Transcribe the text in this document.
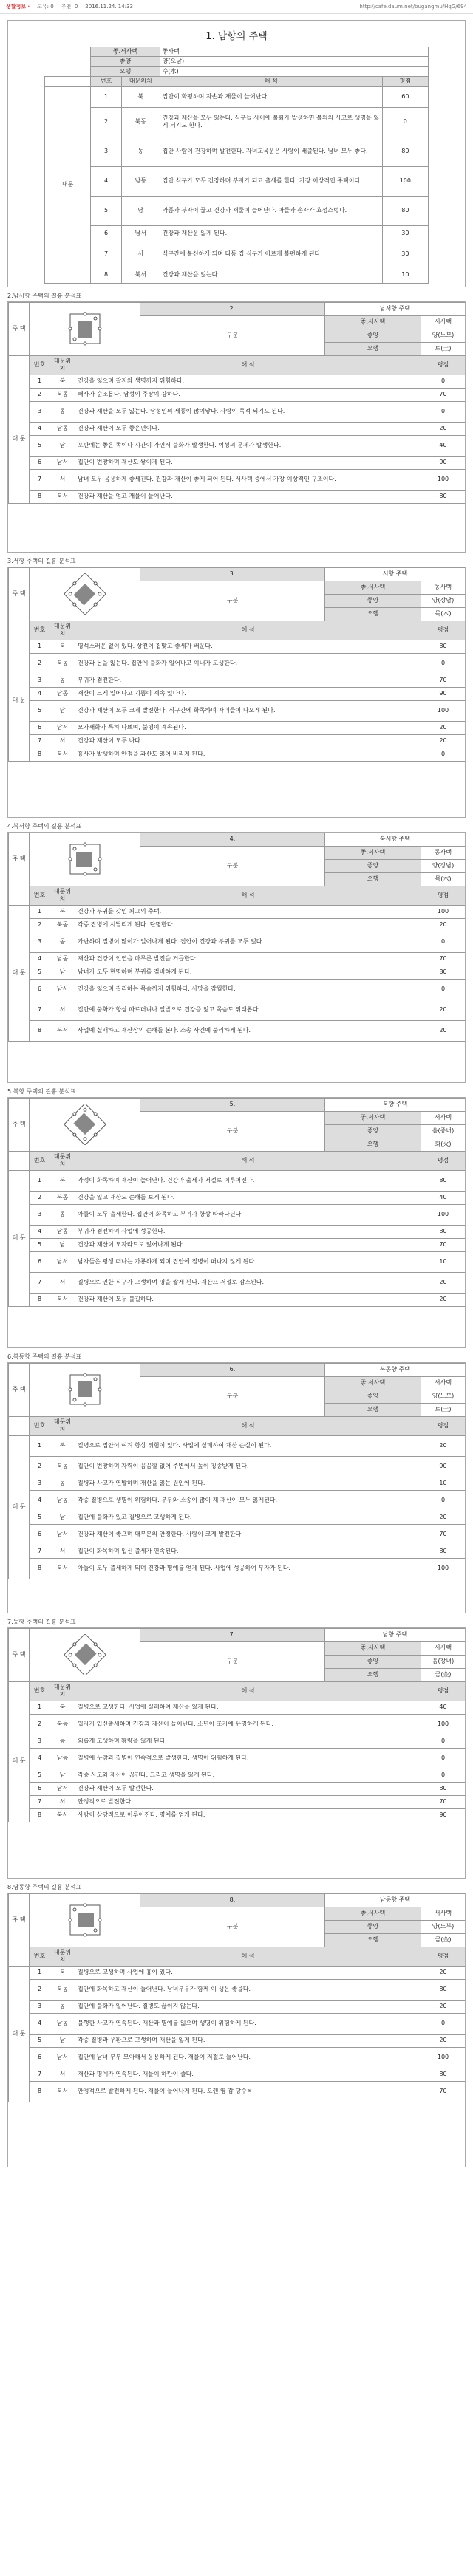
생활정보 · 고유: 0 추천: 0 2016.11.24. 14:33	http://cafe.daum.net/bugangmu/HqG/694
1. 남향의 주택
	좋.서사택		좋사택	
	좋양		양(오남)	
	오행		수(水)	
	번호	대문위치	해 석	평점
대문	1	북	집안이 화평하며 자손과 재물이 늘어난다.	60
	2	북동	건강과 재산을 모두 잃는다. 식구들 사이에 불화가 발생하면 불의의 사고로 생명을 잃게 되기도 한다.	0
	3	동	집안 사람이 건강하며 발전한다. 자녀교육운은 사람이 배출된다. 남녀 모두 좋다.	80
	4	남동	집안 식구가 모두 건강하며 부자가 되고 출세를 한다. 가장 이상적인 주택이다.	100
	5	남	약품과 부자이 끊고 건강과 재물이 늘어난다. 아들과 손자가 효성스럽다.	80
	6	남서	건강과 재산운 잃게 된다.	30
	7	서	식구간에 불신하게 되며 다툼 집 식구가 아르게 불편하게 된다.	30
	8	북서	건강과 재산을 잃는다.	10
2.남서향 주택의 길흉 분석표
주 택				2.	남서향 주택	
				구분	좋.서사택	서사택
					좋양	양(노모)
					오행	토(土)
	번호	대문위치	해 석			평점
대 문	1	북	건강을 잃으며 갈지와 생명까지 위험하다.			0
	2	북동	해사가 순조롭다. 남성이 주장이 강하다.			70
	3	동	건강과 재산을 모두 잃는다. 남성인의 세풍이 많이낳다. 사람이 목적 되기도 된다.			0
	4	남동	건강과 재산이 모두 좋은편이다.			20
	5	남	포탄에는 좋은 쪽이나 시간이 가면서 불화가 발생한다. 여성의 문제가 발생한다.			40
	6	남서	집안이 번창하며 재산도 쌓이게 된다.			90
	7	서	남녀 모두 음용하게 좋세진다. 건강과 재산이 좋게 되어 된다. 서사택 중에서 가장 이상적인 구조이다.			100
	8	북서	건강과 재산을 얻고 재물이 늘어난다.			80
3.서향 주택의 길흉 분석표
주 택				3.	서향 주택	
				구분	좋.서사택	동사택
					좋양	양(장남)
					오행	목(木)
	번호	대문위치	해 석			평점
대 문	1	북	명석스러운 없이 있다. 상전이 집맞고 좋세가 배운다.			80
	2	북동	건강과 돈을 잃는다. 집안에 불화가 일어나고 이내가 고생한다.			0
	3	동	부귀가 겸전한다.			70
	4	남동	재산이 크게 일어나고 기쁨이 계속 있다다.			90
	5	남	건강과 재산이 모두 크게 발전한다. 식구간에 화목하며 자녀들이 나오게 된다.			100
	6	남서	모자새화가 특히 나쁘며, 불행이 계속된다.			20
	7	서	건강과 재산이 모두 나다.			20
	8	북서	흉사가 발생하며 안정을 과산도 잃어 비리게 된다.			0
4.북서향 주택의 길흉 분석표
주 택				4.	북서향 주택	
				구분	좋.서사택	동사택
					좋양	양(장남)
					오행	목(木)
	번호	대문위치	해 석			평점
대 문	1	북	건강과 부귀를 갖인 최고의 주택.			100
	2	북동	각종 잡병에 시달리게 된다. 단명한다.			20
	3	동	가난하며 질병이 많이가 일어나게 된다. 집안이 건강과 부귀를 모두 잃다.			0
	4	남동	재산과 건강이 인연을 마무른 발전을 거듭한다.			70
	5	남	남녀가 모두 현명하며 부귀를 겸비하게 된다.			80
	6	남서	건강을 잃으며 길리하는 목숨까지 위험하다. 사망을 감월한다.			0
	7	서	집안에 불화가 항상 따르더니나 일발으로 건강을 잃고 목숨도 위태롭다.			20
	8	북서	사업에 실패하고 재산상의 손해를 본다. 소송 사건에 불리하게 된다.			20
5.북향 주택의 길흉 분석표
주 택				5.	북향 주택	
				구분	좋.서사택	서사택
					좋양	음(중녀)
					오행	화(火)
	번호	대문위치	해 석			평점
대 문	1	북	가정이 화목하며 재산이 늘어난다. 건강과 출세가 저절로 이루어진다.			80
	2	북동	건강을 잃고 재산도 손해를 보게 된다.			40
	3	동	아들이 모두 출세한다. 집안이 화목하고 부귀가 항상 따라다닌다.			100
	4	남동	부귀가 겸전하며 사업에 성공한다.			80
	5	남	건강과 재산이 모자라므로 잃어나게 된다.			70
	6	남서	남자들은 평생 떠나는 가룡하게 되며 집안에 질병이 떠나지 않게 된다.			10
	7	서	질병으로 인한 식구가 고생하며 명을 쌓게 된다. 재산으 저절로 감소된다.			20
	8	북서	건강과 재산이 모두 불길하다.			20
6.북동향 주택의 길흉 분석표
주 택				6.	북동향 주택	
				구분	좋.서사택	서사택
					좋양	양(노모)
					오행	토(土)
	번호	대문위치	해 석			평점
대 문	1	북	질병으로 집안이 여겨 항상 위험이 있다. 사업에 실패하여 재산 손실이 된다.			20
	2	북동	집안이 번창하며 자력이 꼼꼼할 없어 주변에서 높이 칭송받게 된다.			90
	3	동	질병과 사고가 연발하며 재산을 잃는 원인에 된다.			10
	4	남동	각종 질병으로 생명이 위험하다. 부부와 소송이 많이 재 재산이 모두 잃게된다.			0
	5	남	집안에 불화가 있고 질병으로 고생하게 된다.			20
	6	남서	건강과 재산이 좋으며 대부분의 안정한다. 사람이 크게 발전한다.			70
	7	서	집안이 화목하며 입신 출세가 연속된다.			80
	8	북서	아들이 모두 출세하게 되며 건강과 명예를 얻게 된다. 사업에 성공하여 부자가 된다.			100
7.동향 주택의 길흉 분석표
주 택				7.	남향 주택	
				구분	좋.서사택	서사택
					좋양	음(장녀)
					오행	금(金)
	번호	대문위치	해 석			평점
대 문	1	북	질병으로 고생한다. 사업에 실패하여 재산을 잃게 된다.			40
	2	북동	입자가 입신출세하며 건강과 재산이 늘어난다. 소년이 조기에 유명하게 된다.			100
	3	동	외롭게 고생하며 황량을 잃게 된다.			0
	4	남동	질병에 무참과 질병이 연속적으로 발생한다. 생명이 위험하게 된다.			0
	5	남	각종 사고와 재산이 끊긴다. 그리고 생명을 잃게 된다.			0
	6	남서	건강과 재산이 모두 발전한다.			80
	7	서	안정적으로 발전한다.			70
	8	북서	사람이 상당적으로 이루어진다. 명예를 얻게 된다.			90
8.남동향 주택의 길흉 분석표
주 택				8.	남동향 주택	
				구분	좋.서사택	서사택
					좋양	양(노부)
					오행	금(金)
	번호	대문위치	해 석			평점
대 문	1	북	질병으로 고생하며 사업에 흉이 있다.			20
	2	북동	집안에 화목하고 재산이 늘어난다. 남녀부부가 함께 이 생은 좋을다.			80
	3	동	집안에 불화가 일어난다. 질병도 끊이지 않는다.			20
	4	남동	불행한 사고가 연속된다. 재산과 명예를 잃으며 생명이 위험하게 된다.			0
	5	남	각종 질병과 우환으로 고생하며 재산을 잃게 된다.			20
	6	남서	집안에 남녀 부부 모아해서 응용하게 된다. 재물이 저절로 늘어난다.			100
	7	서	재산과 명예가 연속된다. 재물이 하탄이 줄다.			80
	8	북서	안정적으로 발전하게 된다. 재물이 늘어나게 된다. 오랜 영 감 당수록			70
